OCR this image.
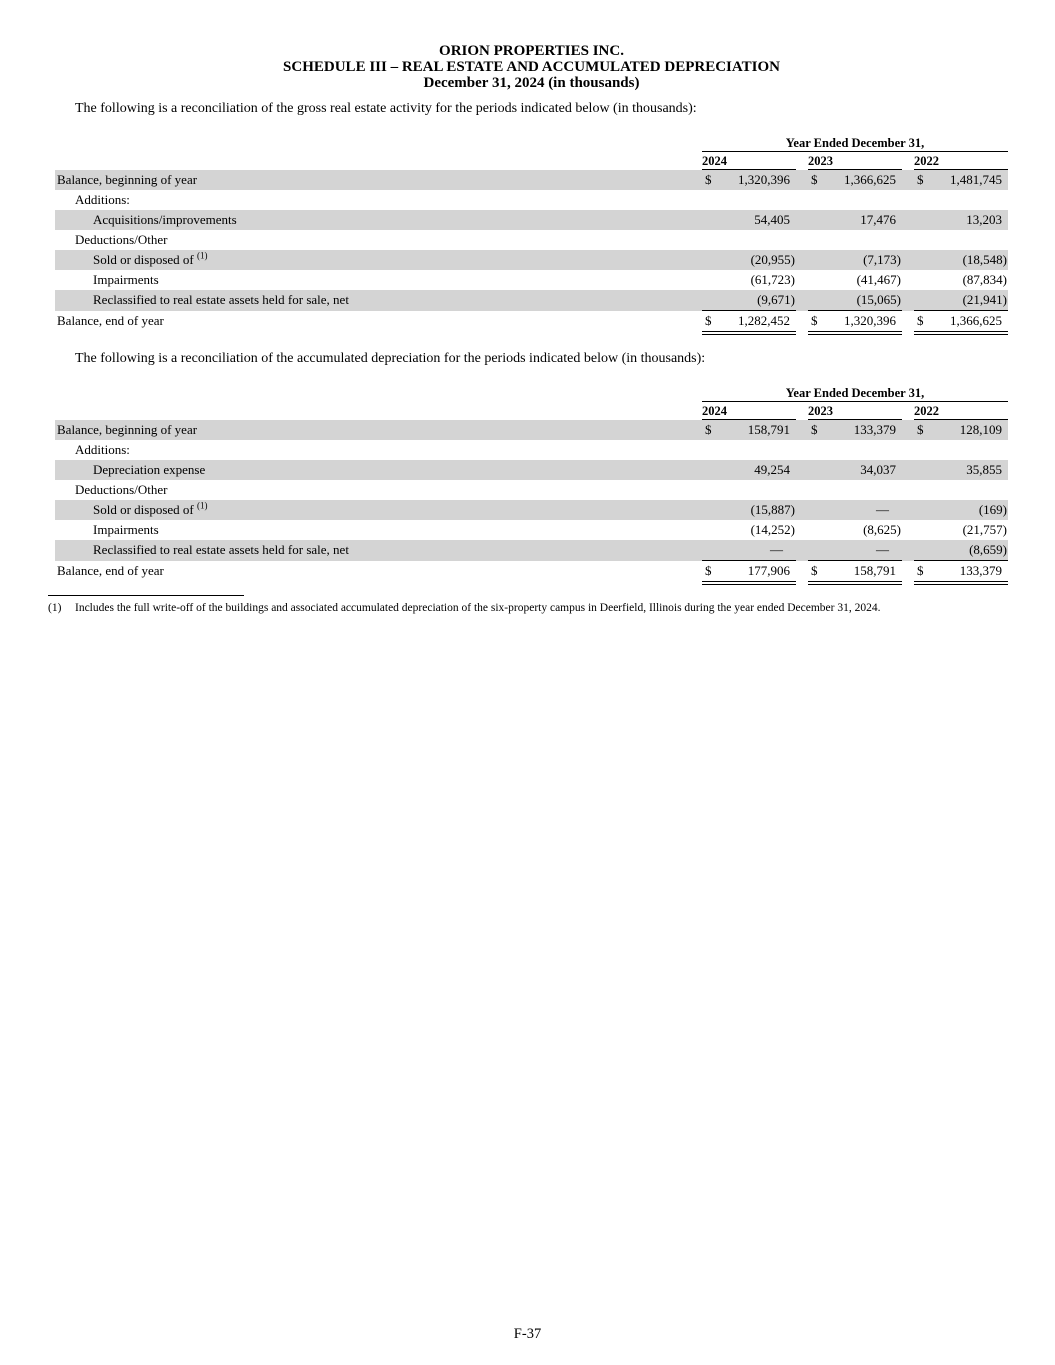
ORION PROPERTIES INC.
SCHEDULE III – REAL ESTATE AND ACCUMULATED DEPRECIATION
December 31, 2024 (in thousands)

The following is a reconciliation of the gross real estate activity for the periods indicated below (in thousands):

Year Ended December 31,
2024	2023	2022
Balance, beginning of year	$	1,320,396	$	1,366,625	$	1,481,745
Additions:
Acquisitions/improvements	54,405	17,476	13,203
Deductions/Other
Sold or disposed of $^{(1)}$	(20,955)	(7,173)	(18,548)
Impairments	(61,723)	(41,467)	(87,834)
Reclassified to real estate assets held for sale, net	(9,671)	(15,065)	(21,941)
Balance, end of year	$	1,282,452	$	1,320,396	$	1,366,625

The following is a reconciliation of the accumulated depreciation for the periods indicated below (in thousands):

Year Ended December 31,
2024	2023	2022
Balance, beginning of year	$	158,791	$	133,379	$	128,109
Additions:
Depreciation expense	49,254	34,037	35,855
Deductions/Other
Sold or disposed of $^{(1)}$	(15,887)	—	(169)
Impairments	(14,252)	(8,625)	(21,757)
Reclassified to real estate assets held for sale, net	—	—	(8,659)
Balance, end of year	$	177,906	$	158,791	$	133,379
(1)	Includes the full write-off of the buildings and associated accumulated depreciation of the six-property campus in Deerfield, Illinois during the year ended December 31, 2024.
F-37
